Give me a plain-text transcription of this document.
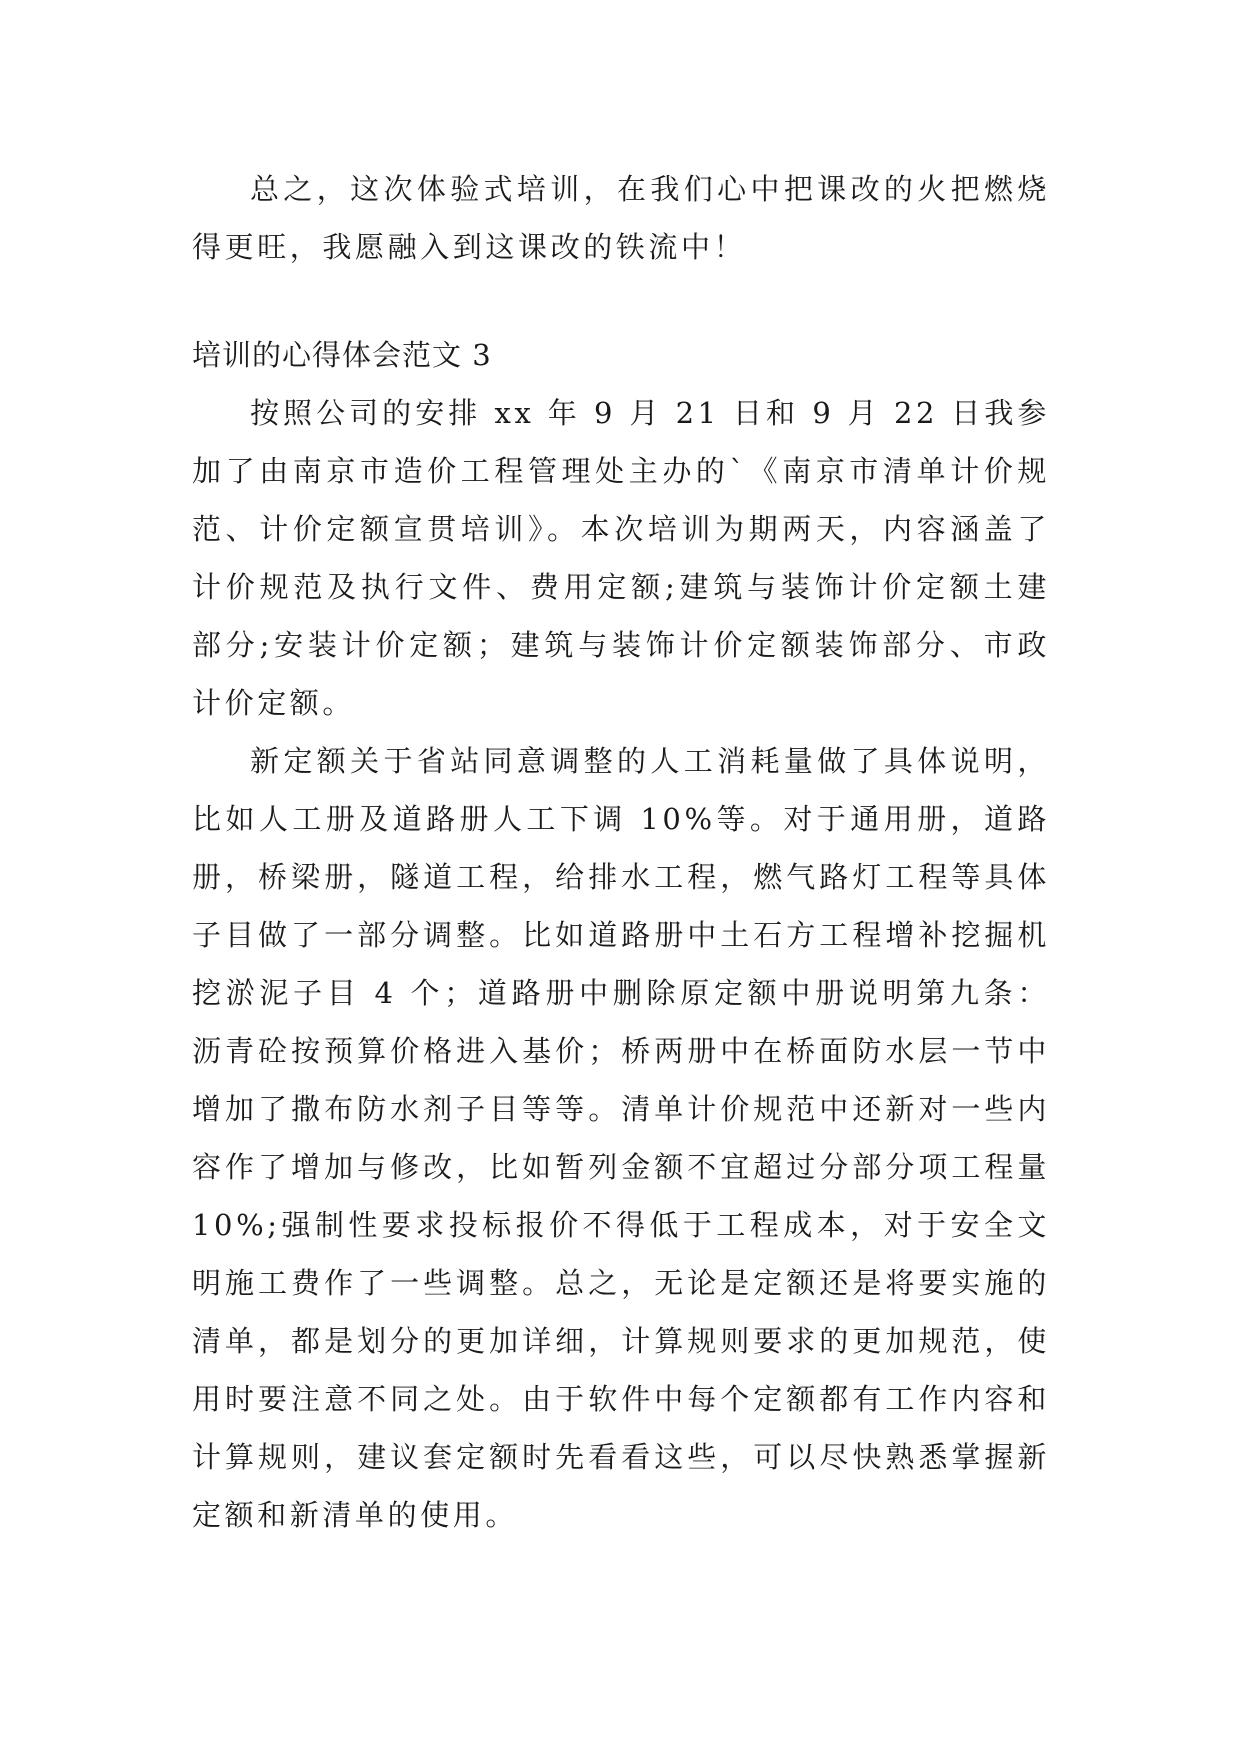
总之，这次体验式培训，在我们心中把课改的火把燃烧得更旺，我愿融入到这课改的铁流中！

培训的心得体会范文 3

按照公司的安排 xx 年 9 月 21 日和 9 月 22 日我参加了由南京市造价工程管理处主办的`《南京市清单计价规范、计价定额宣贯培训》。本次培训为期两天，内容涵盖了计价规范及执行文件、费用定额;建筑与装饰计价定额土建部分;安装计价定额；建筑与装饰计价定额装饰部分、市政计价定额。

新定额关于省站同意调整的人工消耗量做了具体说明，比如人工册及道路册人工下调 10%等。对于通用册，道路册，桥梁册，隧道工程，给排水工程，燃气路灯工程等具体子目做了一部分调整。比如道路册中土石方工程增补挖掘机挖淤泥子目 4 个；道路册中删除原定额中册说明第九条：沥青砼按预算价格进入基价；桥两册中在桥面防水层一节中增加了撒布防水剂子目等等。清单计价规范中还新对一些内容作了增加与修改，比如暂列金额不宜超过分部分项工程量 10%;强制性要求投标报价不得低于工程成本，对于安全文明施工费作了一些调整。总之，无论是定额还是将要实施的清单，都是划分的更加详细，计算规则要求的更加规范，使用时要注意不同之处。由于软件中每个定额都有工作内容和计算规则，建议套定额时先看看这些，可以尽快熟悉掌握新定额和新清单的使用。
